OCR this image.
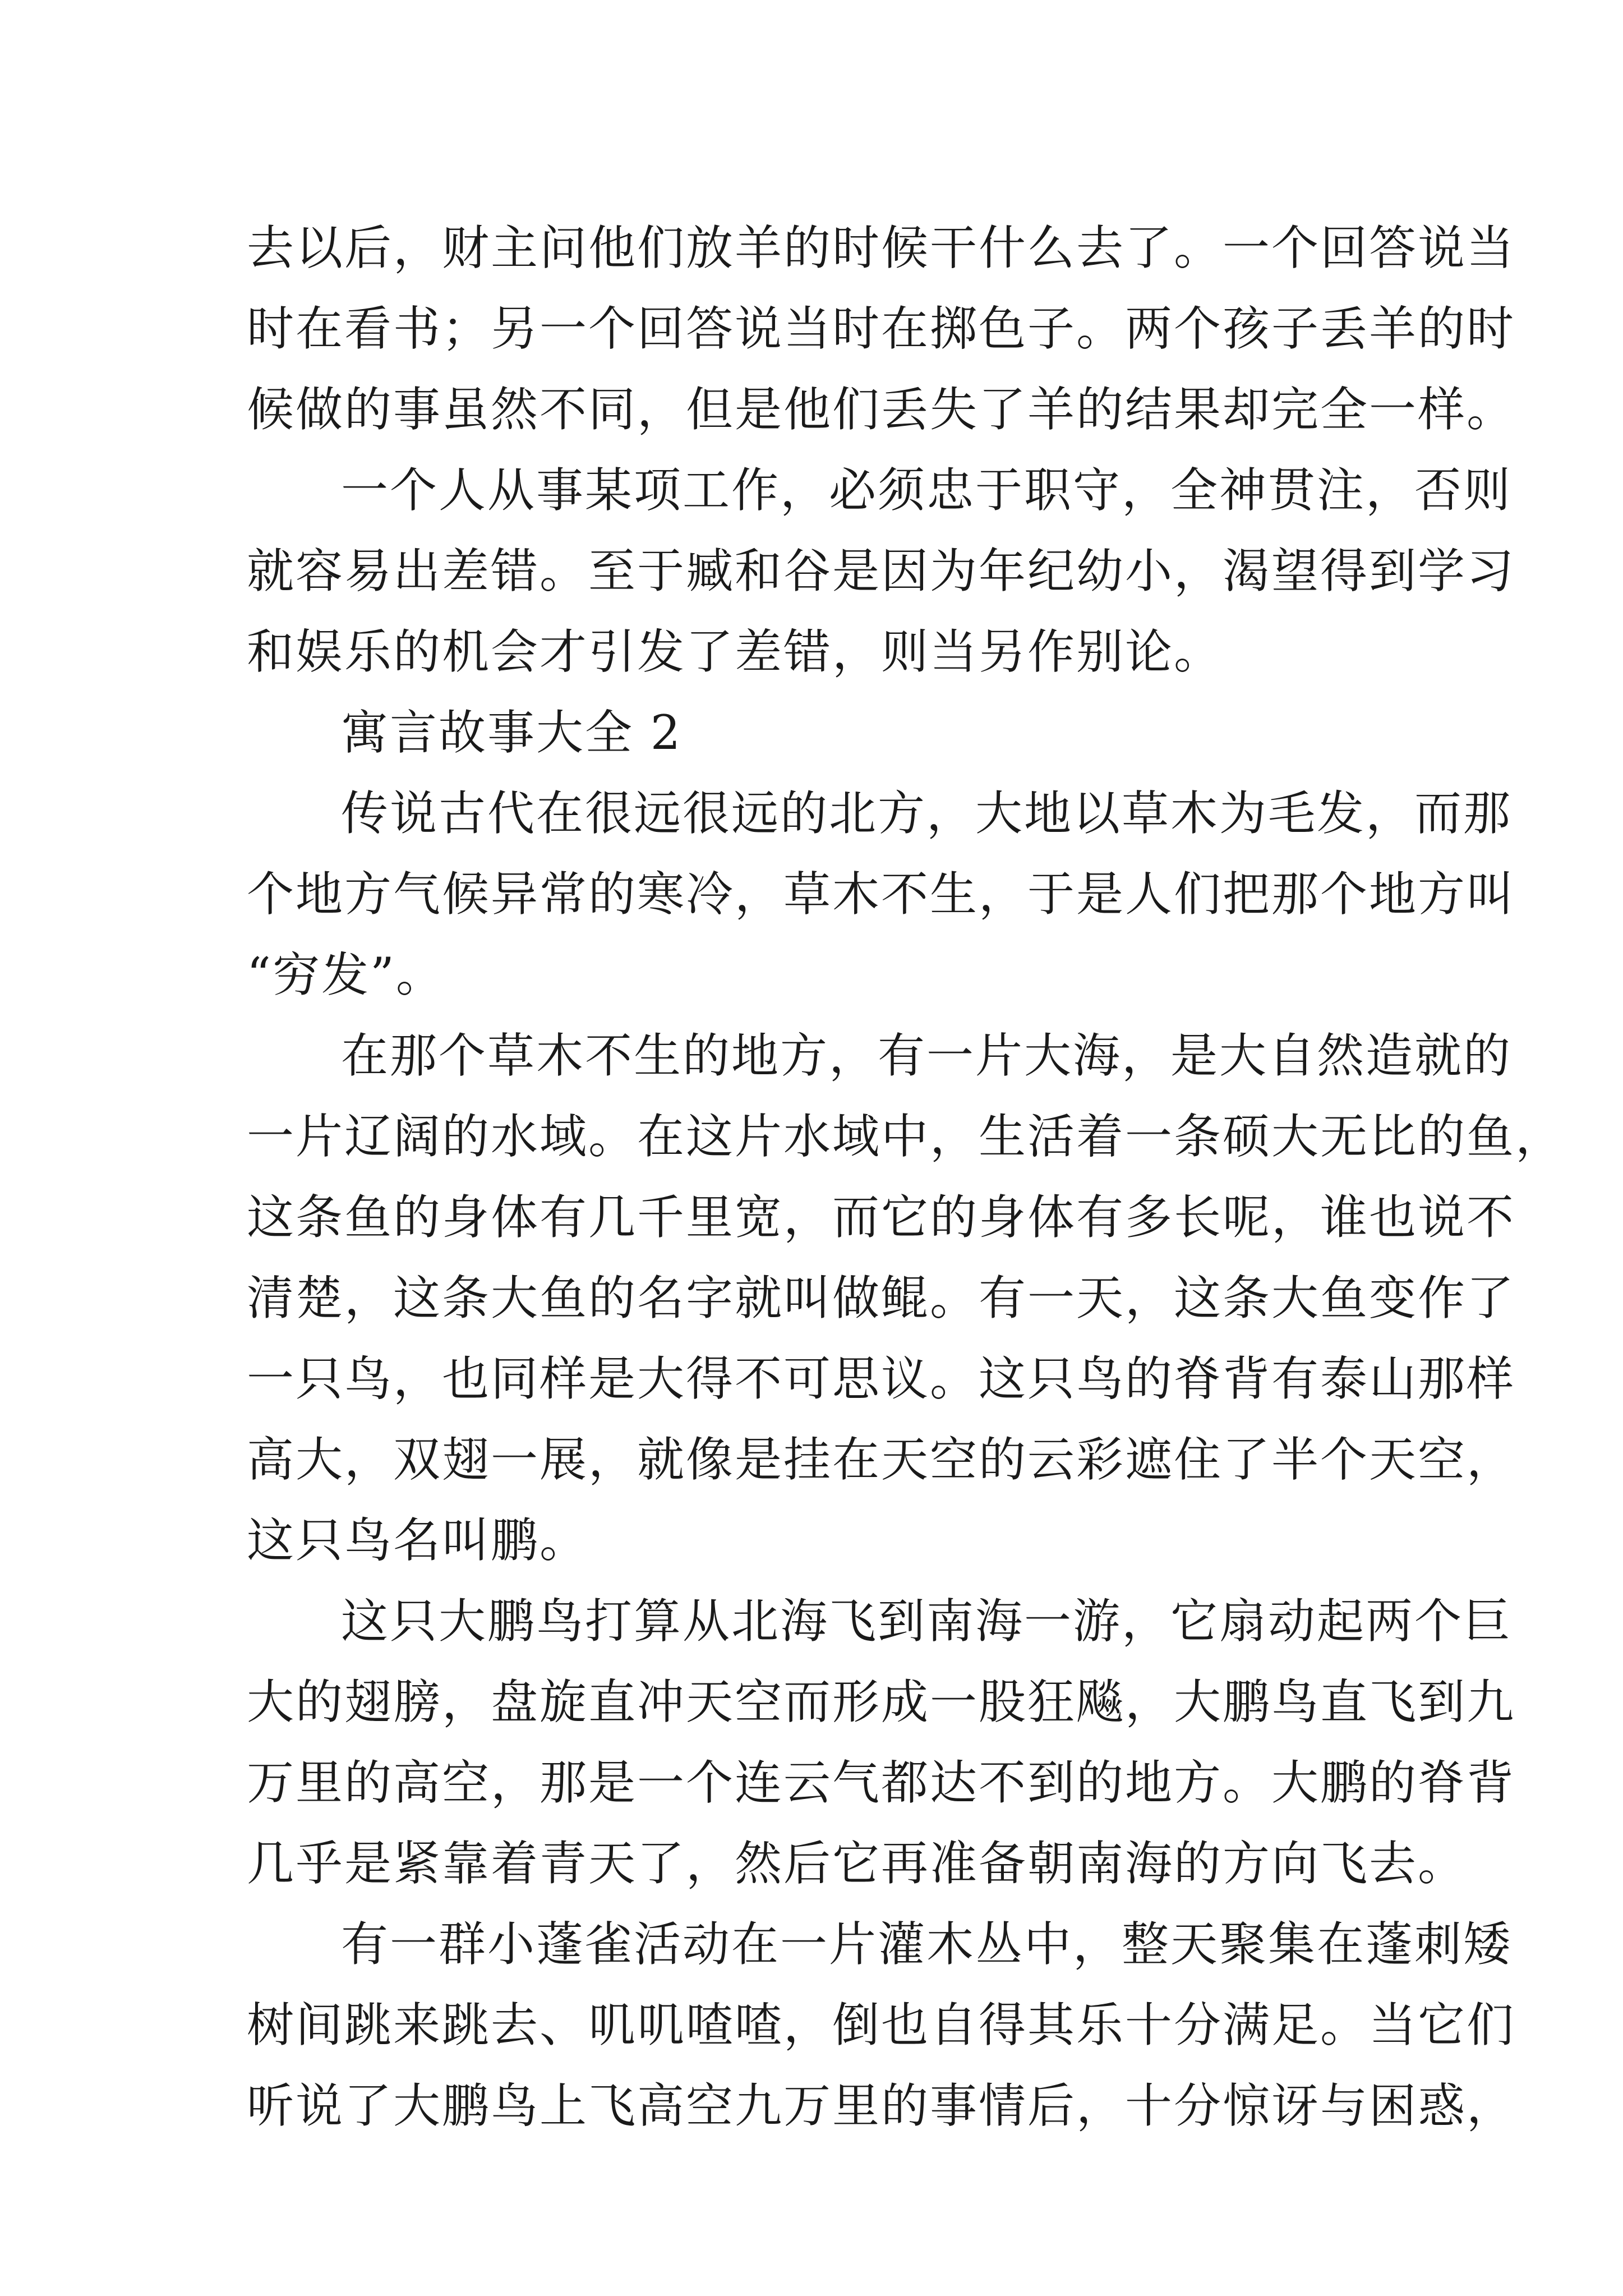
去以后，财主问他们放羊的时候干什么去了。一个回答说当
时在看书；另一个回答说当时在掷色子。两个孩子丢羊的时
候做的事虽然不同，但是他们丢失了羊的结果却完全一样。
一个人从事某项工作，必须忠于职守，全神贯注，否则
就容易出差错。至于臧和谷是因为年纪幼小，渴望得到学习
和娱乐的机会才引发了差错，则当另作别论。
寓言故事大全 2
传说古代在很远很远的北方，大地以草木为毛发，而那
个地方气候异常的寒冷，草木不生，于是人们把那个地方叫
“穷发”。
在那个草木不生的地方，有一片大海，是大自然造就的
一片辽阔的水域。在这片水域中，生活着一条硕大无比的鱼，
这条鱼的身体有几千里宽，而它的身体有多长呢，谁也说不
清楚，这条大鱼的名字就叫做鲲。有一天，这条大鱼变作了
一只鸟，也同样是大得不可思议。这只鸟的脊背有泰山那样
高大，双翅一展，就像是挂在天空的云彩遮住了半个天空，
这只鸟名叫鹏。
这只大鹏鸟打算从北海飞到南海一游，它扇动起两个巨
大的翅膀，盘旋直冲天空而形成一股狂飚，大鹏鸟直飞到九
万里的高空，那是一个连云气都达不到的地方。大鹏的脊背
几乎是紧靠着青天了，然后它再准备朝南海的方向飞去。
有一群小蓬雀活动在一片灌木丛中，整天聚集在蓬刺矮
树间跳来跳去、叽叽喳喳，倒也自得其乐十分满足。当它们
听说了大鹏鸟上飞高空九万里的事情后，十分惊讶与困惑，
